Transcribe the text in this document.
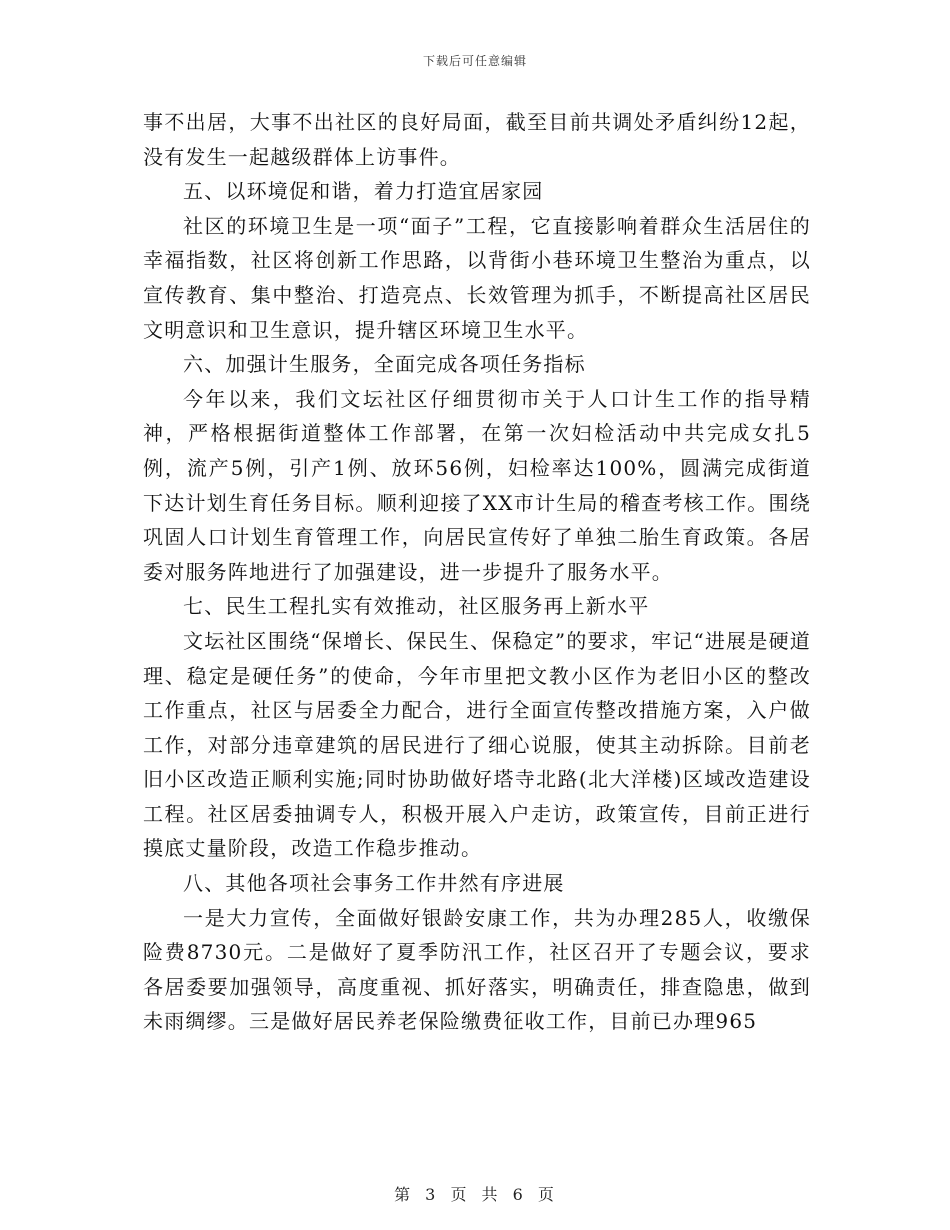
下载后可任意编辑

事不出居，大事不出社区的良好局面，截至目前共调处矛盾纠纷12起，没有发生一起越级群体上访事件。

五、以环境促和谐，着力打造宜居家园

社区的环境卫生是一项“面子”工程，它直接影响着群众生活居住的幸福指数，社区将创新工作思路，以背街小巷环境卫生整治为重点，以宣传教育、集中整治、打造亮点、长效管理为抓手，不断提高社区居民文明意识和卫生意识，提升辖区环境卫生水平。

六、加强计生服务，全面完成各项任务指标

今年以来，我们文坛社区仔细贯彻市关于人口计生工作的指导精神，严格根据街道整体工作部署，在第一次妇检活动中共完成女扎5例，流产5例，引产1例、放环56例，妇检率达100%，圆满完成街道下达计划生育任务目标。顺利迎接了XX市计生局的稽查考核工作。围绕巩固人口计划生育管理工作，向居民宣传好了单独二胎生育政策。各居委对服务阵地进行了加强建设，进一步提升了服务水平。

七、民生工程扎实有效推动，社区服务再上新水平

文坛社区围绕“保增长、保民生、保稳定”的要求，牢记“进展是硬道理、稳定是硬任务”的使命，今年市里把文教小区作为老旧小区的整改工作重点，社区与居委全力配合，进行全面宣传整改措施方案，入户做工作，对部分违章建筑的居民进行了细心说服，使其主动拆除。目前老旧小区改造正顺利实施;同时协助做好塔寺北路(北大洋楼)区域改造建设工程。社区居委抽调专人，积极开展入户走访，政策宣传，目前正进行摸底丈量阶段，改造工作稳步推动。

八、其他各项社会事务工作井然有序进展

一是大力宣传，全面做好银龄安康工作，共为办理285人，收缴保险费8730元。二是做好了夏季防汛工作，社区召开了专题会议，要求各居委要加强领导，高度重视、抓好落实，明确责任，排查隐患，做到未雨绸缪。三是做好居民养老保险缴费征收工作，目前已办理965

第 3 页 共 6 页
